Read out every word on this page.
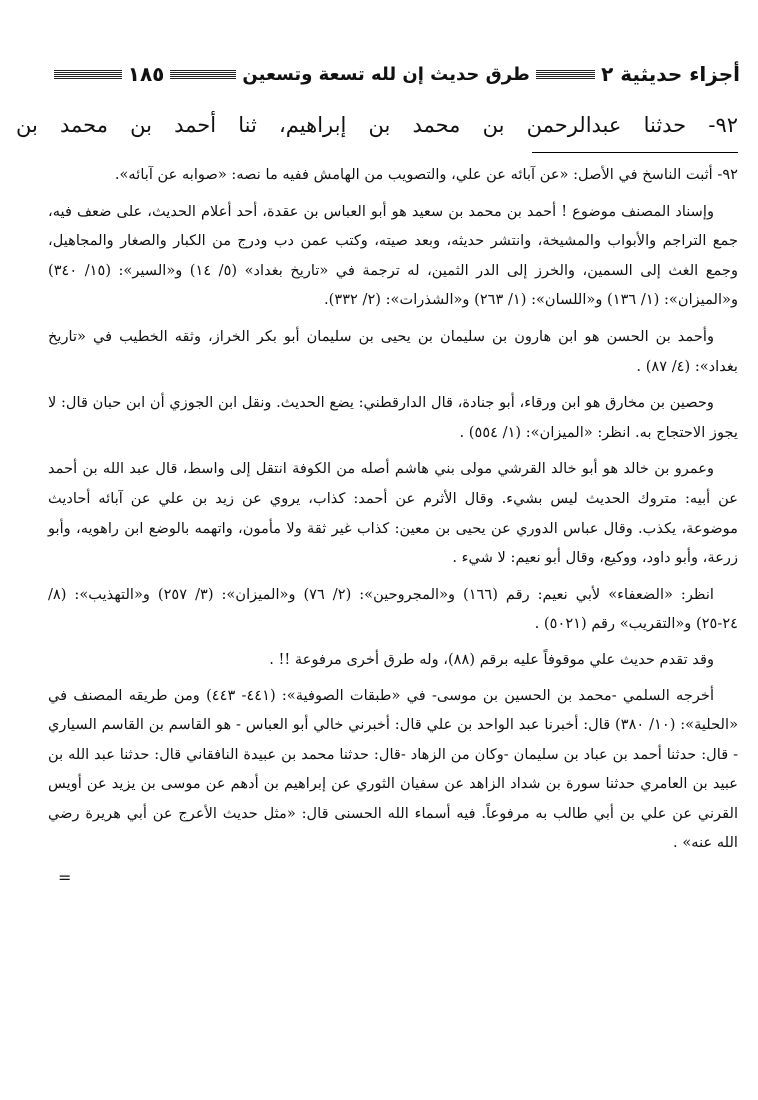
أجزاء حديثية ٢
طرق حديث إن لله تسعة وتسعين
١٨٥
٩٢- حدثنا عبدالرحمن بن محمد بن إبراهيم، ثنا أحمد بن محمد بن

٩٢- أثبت الناسخ في الأصل: «عن آبائه عن علي، والتصويب من الهامش ففيه ما نصه: «صوابه عن آبائه».

وإسناد المصنف موضوع ! أحمد بن محمد بن سعيد هو أبو العباس بن عقدة، أحد أعلام الحديث، على ضعف فيه، جمع التراجم والأبواب والمشيخة، وانتشر حديثه، وبعد صيته، وكتب عمن دب ودرج من الكبار والصغار والمجاهيل، وجمع الغث إلى السمين، والخرز إلى الدر الثمين، له ترجمة في «تاريخ بغداد» (٥/ ١٤) و«السير»: (١٥/ ٣٤٠) و«الميزان»: (١/ ١٣٦) و«اللسان»: (١/ ٢٦٣) و«الشذرات»: (٢/ ٣٣٢).

وأحمد بن الحسن هو ابن هارون بن سليمان بن يحيى بن سليمان أبو بكر الخراز، وثقه الخطيب في «تاريخ بغداد»: (٤/ ٨٧) .

وحصين بن مخارق هو ابن ورقاء، أبو جنادة، قال الدارقطني: يضع الحديث. ونقل ابن الجوزي أن ابن حبان قال: لا يجوز الاحتجاج به. انظر: «الميزان»: (١/ ٥٥٤) .

وعمرو بن خالد هو أبو خالد القرشي مولى بني هاشم أصله من الكوفة انتقل إلى واسط، قال عبد الله بن أحمد عن أبيه: متروك الحديث ليس بشيء. وقال الأثرم عن أحمد: كذاب، يروي عن زيد بن علي عن آبائه أحاديث موضوعة، يكذب. وقال عباس الدوري عن يحيى بن معين: كذاب غير ثقة ولا مأمون، واتهمه بالوضع ابن راهويه، وأبو زرعة، وأبو داود، ووكيع، وقال أبو نعيم: لا شيء .

انظر: «الضعفاء» لأبي نعيم: رقم (١٦٦) و«المجروحين»: (٢/ ٧٦) و«الميزان»: (٣/ ٢٥٧) و«التهذيب»: (٨/ ٢٤-٢٥) و«التقريب» رقم (٥٠٢١) .

وقد تقدم حديث علي موقوفاً عليه برقم (٨٨)، وله طرق أخرى مرفوعة !! .

أخرجه السلمي -محمد بن الحسين بن موسى- في «طبقات الصوفية»: (٤٤١- ٤٤٣) ومن طريقه المصنف في «الحلية»: (١٠/ ٣٨٠) قال: أخبرنا عبد الواحد بن علي قال: أخبرني خالي أبو العباس - هو القاسم بن القاسم السياري - قال: حدثنا أحمد بن عباد بن سليمان -وكان من الزهاد -قال: حدثنا محمد بن عبيدة النافقاني قال: حدثنا عبد الله بن عبيد بن العامري حدثنا سورة بن شداد الزاهد عن سفيان الثوري عن إبراهيم بن أدهم عن موسى بن يزيد عن أويس القرني عن علي بن أبي طالب به مرفوعاً. فيه أسماء الله الحسنى قال: «مثل حديث الأعرج عن أبي هريرة رضي الله عنه» .

=
